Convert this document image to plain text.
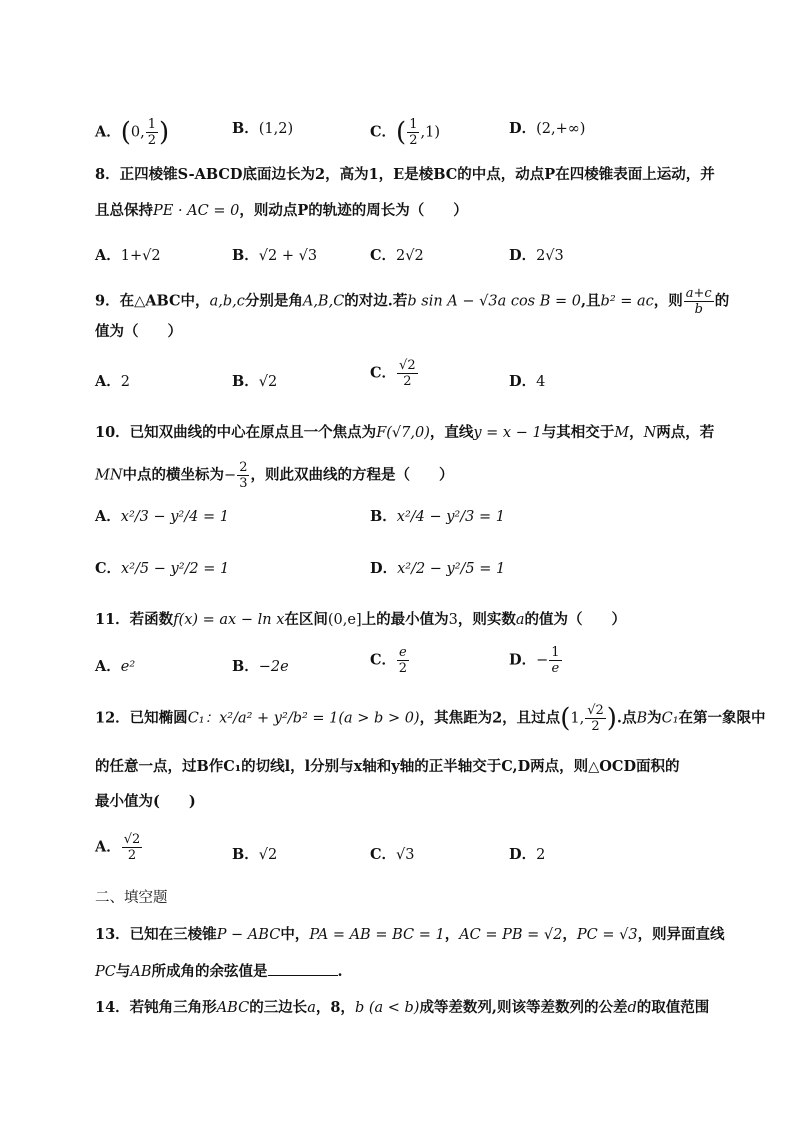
A．(0, $\frac{1}{2}$ )	B．(1,2)	C．( $\frac{1}{2} ,1$)	D．(2,+∞)
8．正四棱锥S-ABCD底面边长为2，高为1，E是棱BC的中点，动点P在四棱锥表面上运动，并
且总保持PE · AC = 0，则动点P的轨迹的周长为（　　）
A．1+√2	B．√2 + √3	C．2√2	D．2√3
9．在△ABC中，a,b,c分别是角A,B,C的对边.若b sin A − √3a cos B = 0,且b² = ac，则 $\frac{a+c}{b}$ 的
值为（　　）
A．2	B．√2
C． $\frac{√2}{2}$	D．4
10．已知双曲线的中心在原点且一个焦点为F(√7,0)，直线y = x − 1与其相交于M，N两点，若
MN中点的横坐标为− $\frac{2}{3}$ ，则此双曲线的方程是（　　）
A．x²/3 − y²/4 = 1	B．x²/4 − y²/3 = 1
C．x²/5 − y²/2 = 1	D．x²/2 − y²/5 = 1
11．若函数f(x) = ax − ln x在区间(0,e]上的最小值为3，则实数a的值为（　　）
A．e²	B．−2e	C． $\frac{e}{2}$	D．− $\frac{1}{e}$
12．已知椭圆C₁：x²/a² + y²/b² = 1(a > b > 0)，其焦距为2，且过点(1, $\frac{√2}{2}$ ).点B为C₁在第一象限中
的任意一点，过B作C₁的切线l，l分别与x轴和y轴的正半轴交于C,D两点，则△OCD面积的
最小值为(　　)
A． $\frac{√2}{2}$	B．√2	C．√3	D．2
二、填空题
13．已知在三棱锥P − ABC中，PA = AB = BC = 1，AC = PB = √2，PC = √3，则异面直线
PC与AB所成角的余弦值是	.
14．若钝角三角形ABC的三边长a，8，b (a < b)成等差数列,则该等差数列的公差d的取值范围
